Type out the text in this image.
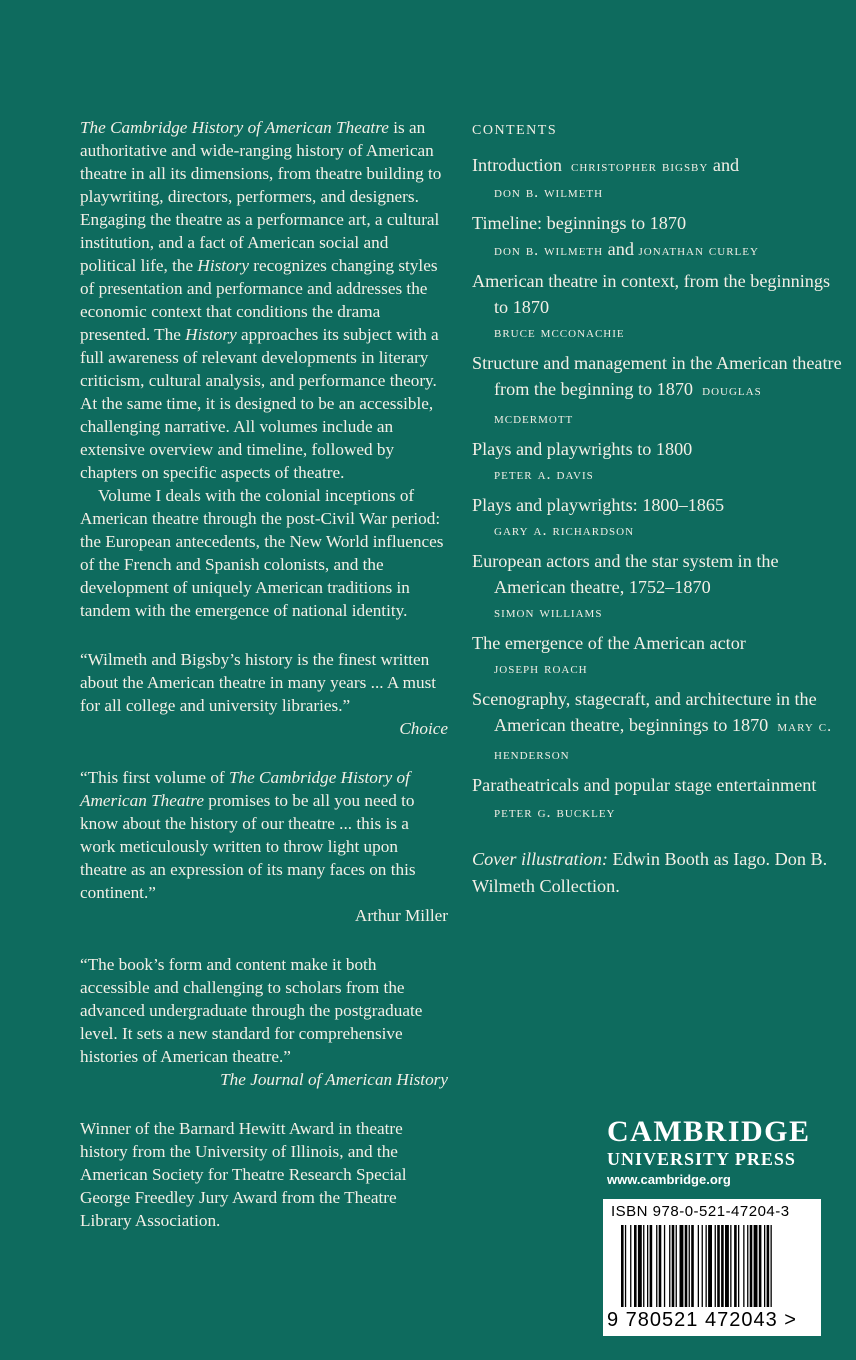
The Cambridge History of American Theatre is an authoritative and wide-ranging history of American theatre in all its dimensions, from theatre building to playwriting, directors, performers, and designers. Engaging the theatre as a performance art, a cultural institution, and a fact of American social and political life, the History recognizes changing styles of presentation and performance and addresses the economic context that conditions the drama presented. The History approaches its subject with a full awareness of relevant developments in literary criticism, cultural analysis, and performance theory. At the same time, it is designed to be an accessible, challenging narrative. All volumes include an extensive overview and timeline, followed by chapters on specific aspects of theatre.

Volume I deals with the colonial inceptions of American theatre through the post-Civil War period: the European antecedents, the New World influences of the French and Spanish colonists, and the development of uniquely American traditions in tandem with the emergence of national identity.

“Wilmeth and Bigsby’s history is the finest written about the American theatre in many years ... A must for all college and university libraries.”

Choice

“This first volume of The Cambridge History of American Theatre promises to be all you need to know about the history of our theatre ... this is a work meticulously written to throw light upon theatre as an expression of its many faces on this continent.”

Arthur Miller

“The book’s form and content make it both accessible and challenging to scholars from the advanced undergraduate through the postgraduate level. It sets a new standard for comprehensive histories of American theatre.”

The Journal of American History

Winner of the Barnard Hewitt Award in theatre history from the University of Illinois, and the American Society for Theatre Research Special George Freedley Jury Award from the Theatre Library Association.

CONTENTS
Introduction christopher bigsby and
don b. wilmeth
Timeline: beginnings to 1870
don b. wilmeth and jonathan curley
American theatre in context, from the beginnings to 1870
bruce mcconachie
Structure and management in the American theatre from the beginning to 1870 douglas mcdermott
Plays and playwrights to 1800
peter a. davis
Plays and playwrights: 1800–1865
gary a. richardson
European actors and the star system in the American theatre, 1752–1870
simon williams
The emergence of the American actor
joseph roach
Scenography, stagecraft, and architecture in the American theatre, beginnings to 1870 mary c. henderson
Paratheatricals and popular stage entertainment  peter g. buckley
Cover illustration: Edwin Booth as Iago. Don B. Wilmeth Collection.
CAMBRIDGE
UNIVERSITY PRESS
www.cambridge.org
ISBN 978-0-521-47204-3
9 780521 472043 >
